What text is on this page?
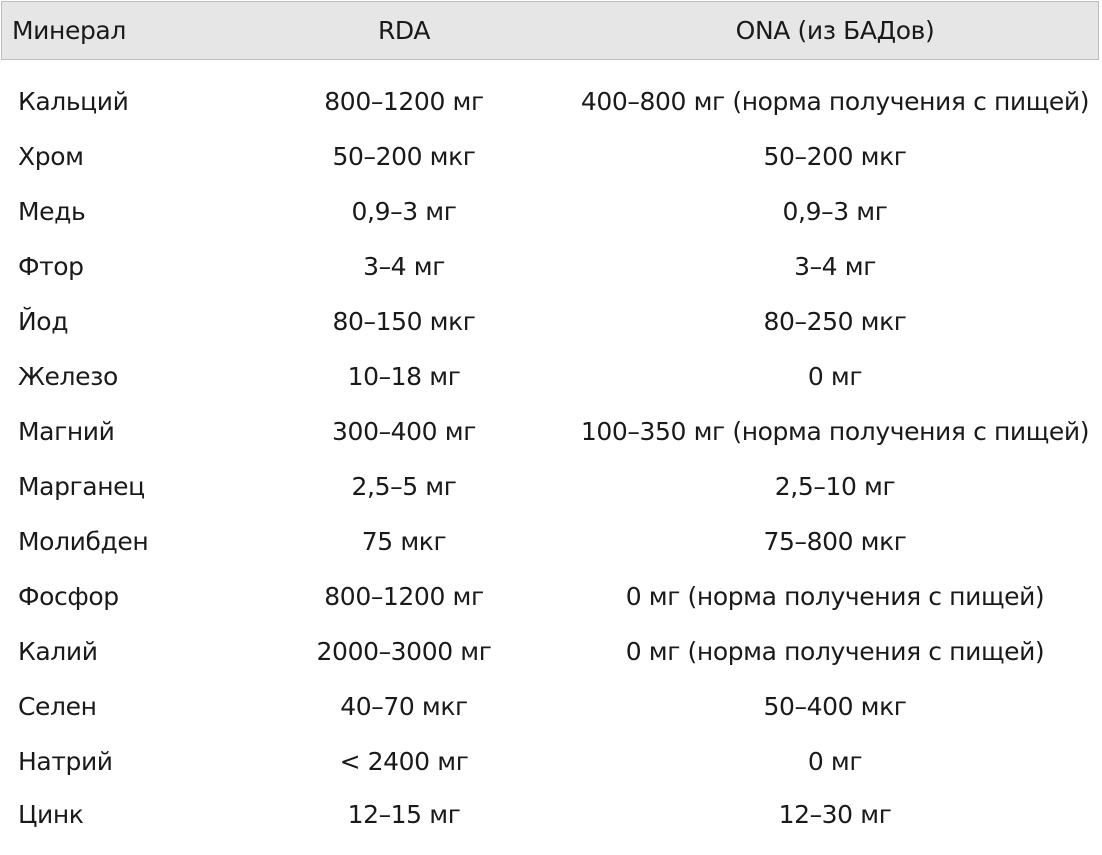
Минерал	RDA	ONA (из БАДов)
Кальций	800–1200 мг	400–800 мг (норма получения с пищей)
Хром	50–200 мкг	50–200 мкг
Медь	0,9–3 мг	0,9–3 мг
Фтор	3–4 мг	3–4 мг
Йод	80–150 мкг	80–250 мкг
Железо	10–18 мг	0 мг
Магний	300–400 мг	100–350 мг (норма получения с пищей)
Марганец	2,5–5 мг	2,5–10 мг
Молибден	75 мкг	75–800 мкг
Фосфор	800–1200 мг	0 мг (норма получения с пищей)
Калий	2000–3000 мг	0 мг (норма получения с пищей)
Селен	40–70 мкг	50–400 мкг
Натрий	< 2400 мг	0 мг
Цинк	12–15 мг	12–30 мг
